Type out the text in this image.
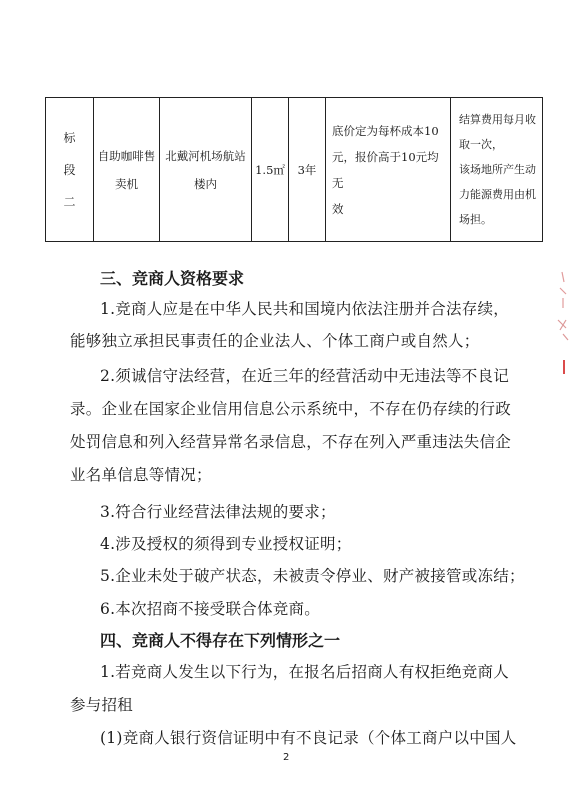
标
段
二

自助咖啡售
卖机

北戴河机场航站
楼内
	1.5㎡	3年	
底价定为每杯成本10
元，报价高于10元均无
效

结算费用每月收
取一次，
该场地所产生动
力能源费用由机
场担。
三、竞商人资格要求
1.竞商人应是在中华人民共和国境内依法注册并合法存续，
能够独立承担民事责任的企业法人、个体工商户或自然人；
2.须诚信守法经营，在近三年的经营活动中无违法等不良记
录。企业在国家企业信用信息公示系统中，不存在仍存续的行政
处罚信息和列入经营异常名录信息，不存在列入严重违法失信企
业名单信息等情况；
3.符合行业经营法律法规的要求；
4.涉及授权的须得到专业授权证明；
5.企业未处于破产状态，未被责令停业、财产被接管或冻结；
6.本次招商不接受联合体竞商。
四、竞商人不得存在下列情形之一
1.若竞商人发生以下行为，在报名后招商人有权拒绝竞商人
参与招租
(1)竞商人银行资信证明中有不良记录（个体工商户以中国人
2
